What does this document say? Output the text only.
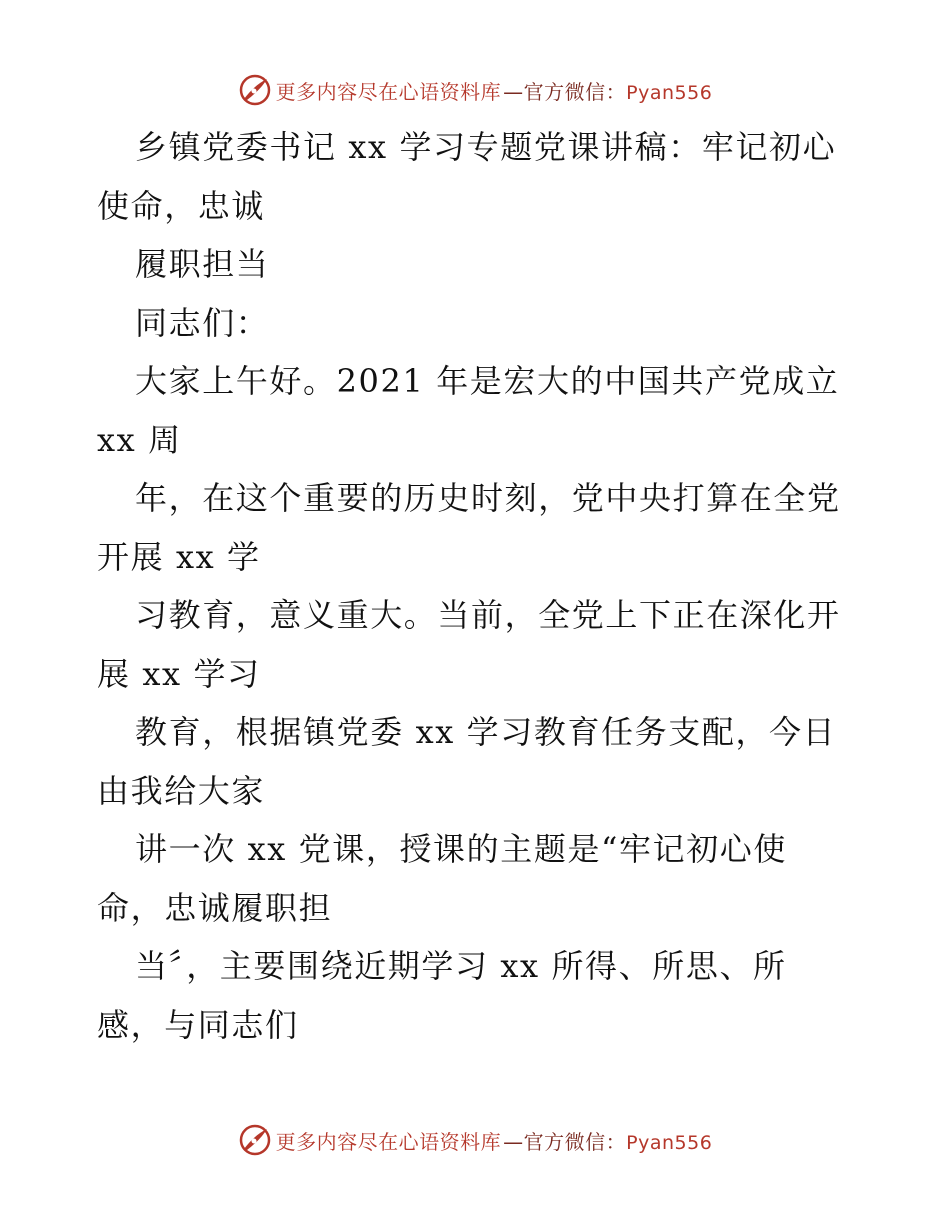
更多内容尽在心语资料库 —官方微信：Pyan556
乡镇党委书记 xx 学习专题党课讲稿：牢记初心
使命，忠诚
履职担当
同志们：
大家上午好。2021 年是宏大的中国共产党成立
xx 周
年，在这个重要的历史时刻，党中央打算在全党
开展 xx 学
习教育，意义重大。当前，全党上下正在深化开
展 xx 学习
教育，根据镇党委 xx 学习教育任务支配，今日
由我给大家
讲一次 xx 党课，授课的主题是“牢记初心使
命，忠诚履职担
当〞，主要围绕近期学习 xx 所得、所思、所
感，与同志们
更多内容尽在心语资料库 —官方微信：Pyan556
